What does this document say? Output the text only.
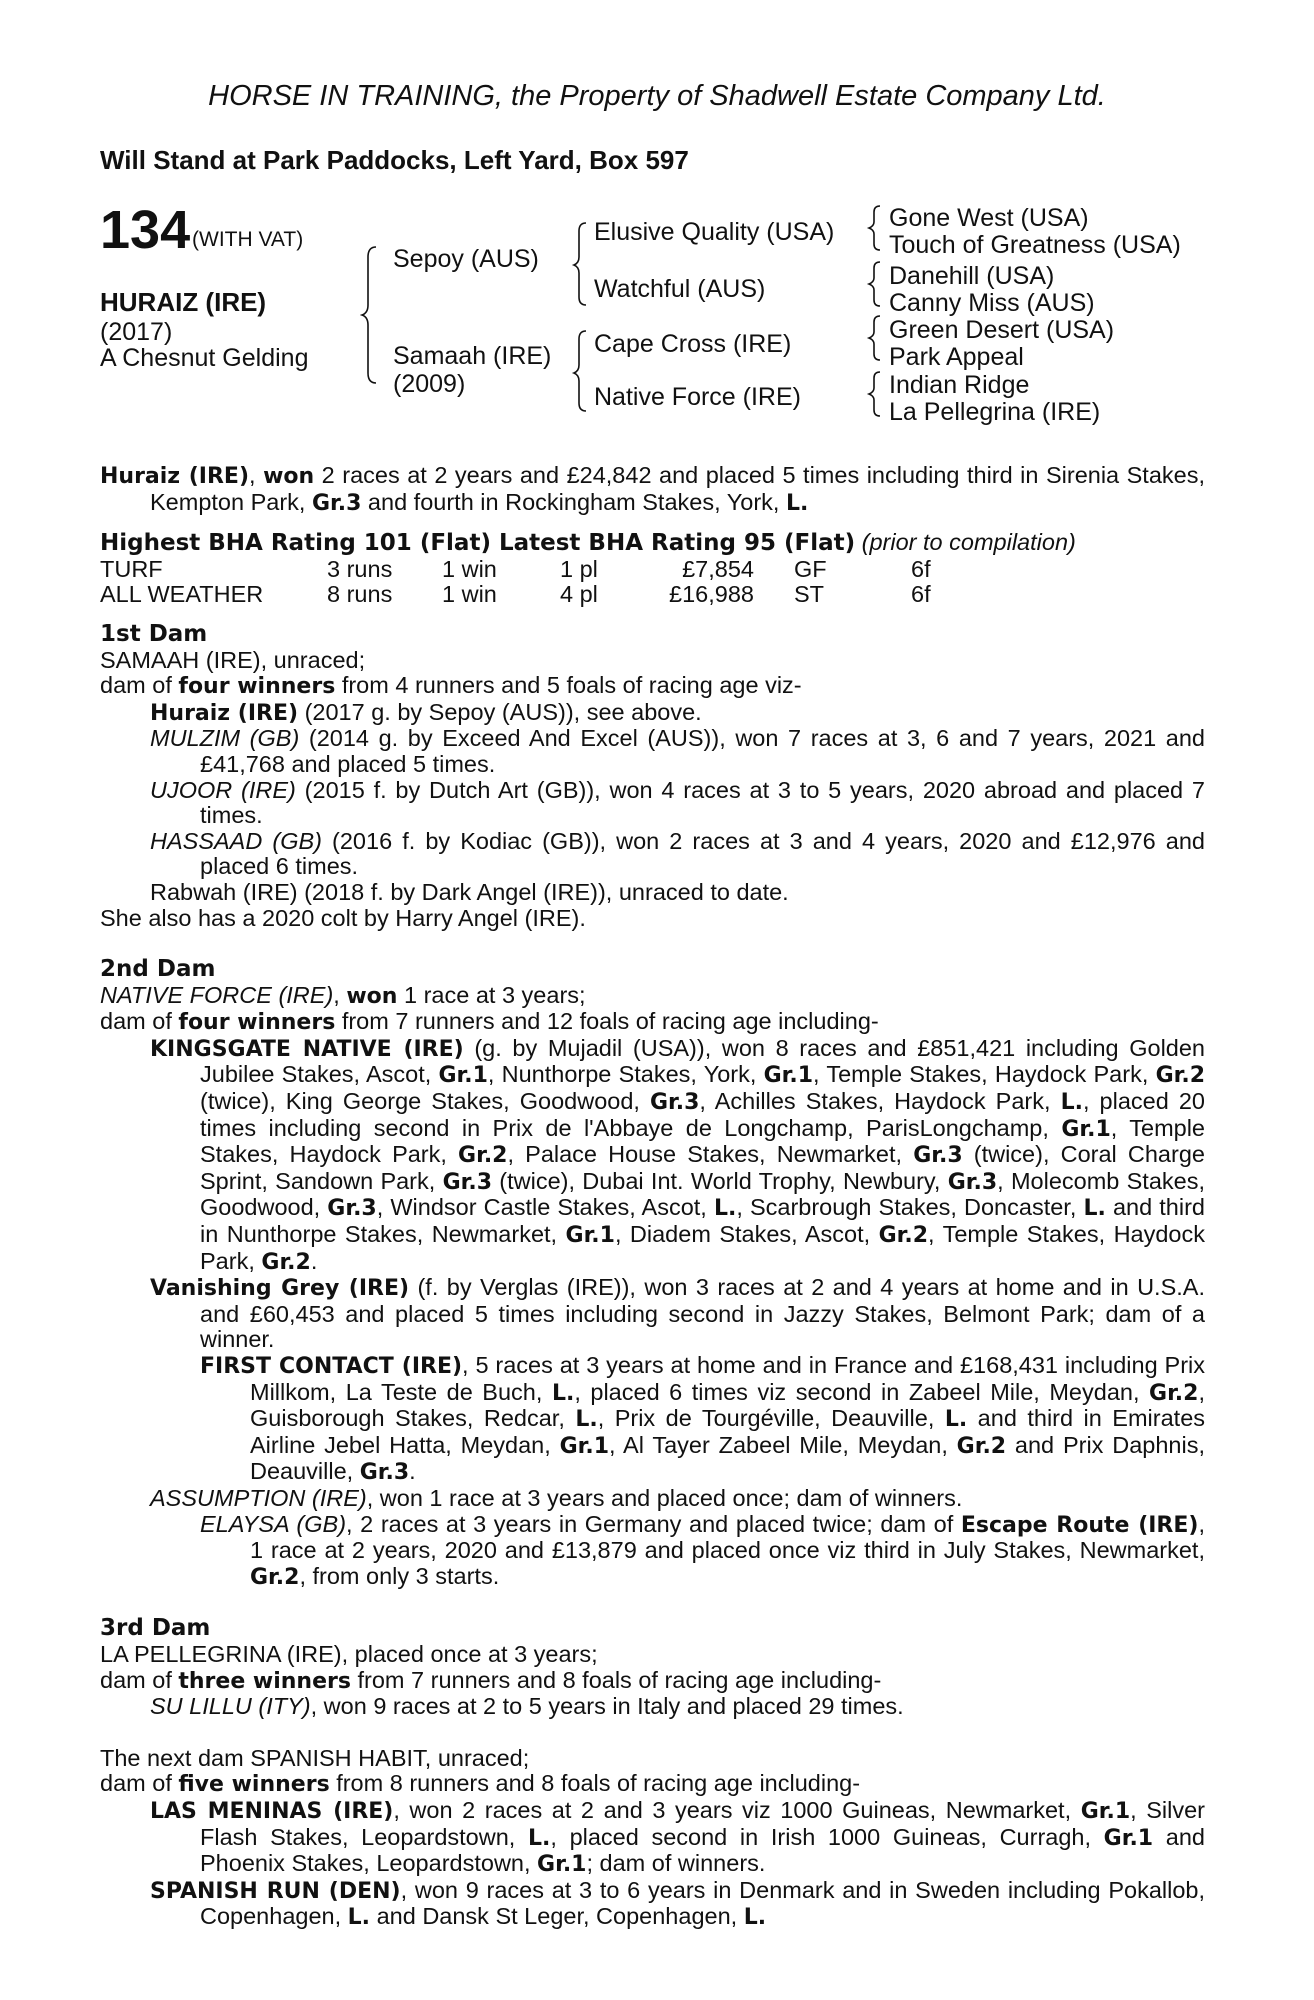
HORSE IN TRAINING, the Property of Shadwell Estate Company Ltd.
Will Stand at Park Paddocks, Left Yard, Box 597
134 (WITH VAT)
HURAIZ (IRE)
(2017)
A Chesnut Gelding
Sepoy (AUS)
Samaah (IRE)
(2009)
Elusive Quality (USA)
Watchful (AUS)
Cape Cross (IRE)
Native Force (IRE)
Gone West (USA)
Touch of Greatness (USA)
Danehill (USA)
Canny Miss (AUS)
Green Desert (USA)
Park Appeal
Indian Ridge
La Pellegrina (IRE)

Huraiz (IRE), won 2 races at 2 years and £24,842 and placed 5 times including third in Sirenia Stakes, Kempton Park, Gr.3 and fourth in Rockingham Stakes, York, L.

Highest BHA Rating 101 (Flat) Latest BHA Rating 95 (Flat) (prior to compilation)

TURF	3 runs	1 win	1 pl	£7,854		GF	6f
ALL WEATHER	8 runs	1 win	4 pl	£16,988		ST	6f

1st Dam

SAMAAH (IRE), unraced;

dam of four winners from 4 runners and 5 foals of racing age viz-

Huraiz (IRE) (2017 g. by Sepoy (AUS)), see above.

MULZIM (GB) (2014 g. by Exceed And Excel (AUS)), won 7 races at 3, 6 and 7 years, 2021 and £41,768 and placed 5 times.

UJOOR (IRE) (2015 f. by Dutch Art (GB)), won 4 races at 3 to 5 years, 2020 abroad and placed 7 times.

HASSAAD (GB) (2016 f. by Kodiac (GB)), won 2 races at 3 and 4 years, 2020 and £12,976 and placed 6 times.

Rabwah (IRE) (2018 f. by Dark Angel (IRE)), unraced to date.

She also has a 2020 colt by Harry Angel (IRE).

2nd Dam

NATIVE FORCE (IRE), won 1 race at 3 years;

dam of four winners from 7 runners and 12 foals of racing age including-

KINGSGATE NATIVE (IRE) (g. by Mujadil (USA)), won 8 races and £851,421 including Golden Jubilee Stakes, Ascot, Gr.1, Nunthorpe Stakes, York, Gr.1, Temple Stakes, Haydock Park, Gr.2 (twice), King George Stakes, Goodwood, Gr.3, Achilles Stakes, Haydock Park, L., placed 20 times including second in Prix de l'Abbaye de Longchamp, ParisLongchamp, Gr.1, Temple Stakes, Haydock Park, Gr.2, Palace House Stakes, Newmarket, Gr.3 (twice), Coral Charge Sprint, Sandown Park, Gr.3 (twice), Dubai Int. World Trophy, Newbury, Gr.3, Molecomb Stakes, Goodwood, Gr.3, Windsor Castle Stakes, Ascot, L., Scarbrough Stakes, Doncaster, L. and third in Nunthorpe Stakes, Newmarket, Gr.1, Diadem Stakes, Ascot, Gr.2, Temple Stakes, Haydock Park, Gr.2.

Vanishing Grey (IRE) (f. by Verglas (IRE)), won 3 races at 2 and 4 years at home and in U.S.A. and £60,453 and placed 5 times including second in Jazzy Stakes, Belmont Park; dam of a winner.

FIRST CONTACT (IRE), 5 races at 3 years at home and in France and £168,431 including Prix Millkom, La Teste de Buch, L., placed 6 times viz second in Zabeel Mile, Meydan, Gr.2, Guisborough Stakes, Redcar, L., Prix de Tourgéville, Deauville, L. and third in Emirates Airline Jebel Hatta, Meydan, Gr.1, Al Tayer Zabeel Mile, Meydan, Gr.2 and Prix Daphnis, Deauville, Gr.3.

ASSUMPTION (IRE), won 1 race at 3 years and placed once; dam of winners.

ELAYSA (GB), 2 races at 3 years in Germany and placed twice; dam of Escape Route (IRE), 1 race at 2 years, 2020 and £13,879 and placed once viz third in July Stakes, Newmarket, Gr.2, from only 3 starts.

3rd Dam

LA PELLEGRINA (IRE), placed once at 3 years;

dam of three winners from 7 runners and 8 foals of racing age including-

SU LILLU (ITY), won 9 races at 2 to 5 years in Italy and placed 29 times.

The next dam SPANISH HABIT, unraced;

dam of five winners from 8 runners and 8 foals of racing age including-

LAS MENINAS (IRE), won 2 races at 2 and 3 years viz 1000 Guineas, Newmarket, Gr.1, Silver Flash Stakes, Leopardstown, L., placed second in Irish 1000 Guineas, Curragh, Gr.1 and Phoenix Stakes, Leopardstown, Gr.1; dam of winners.

SPANISH RUN (DEN), won 9 races at 3 to 6 years in Denmark and in Sweden including Pokallob, Copenhagen, L. and Dansk St Leger, Copenhagen, L.
